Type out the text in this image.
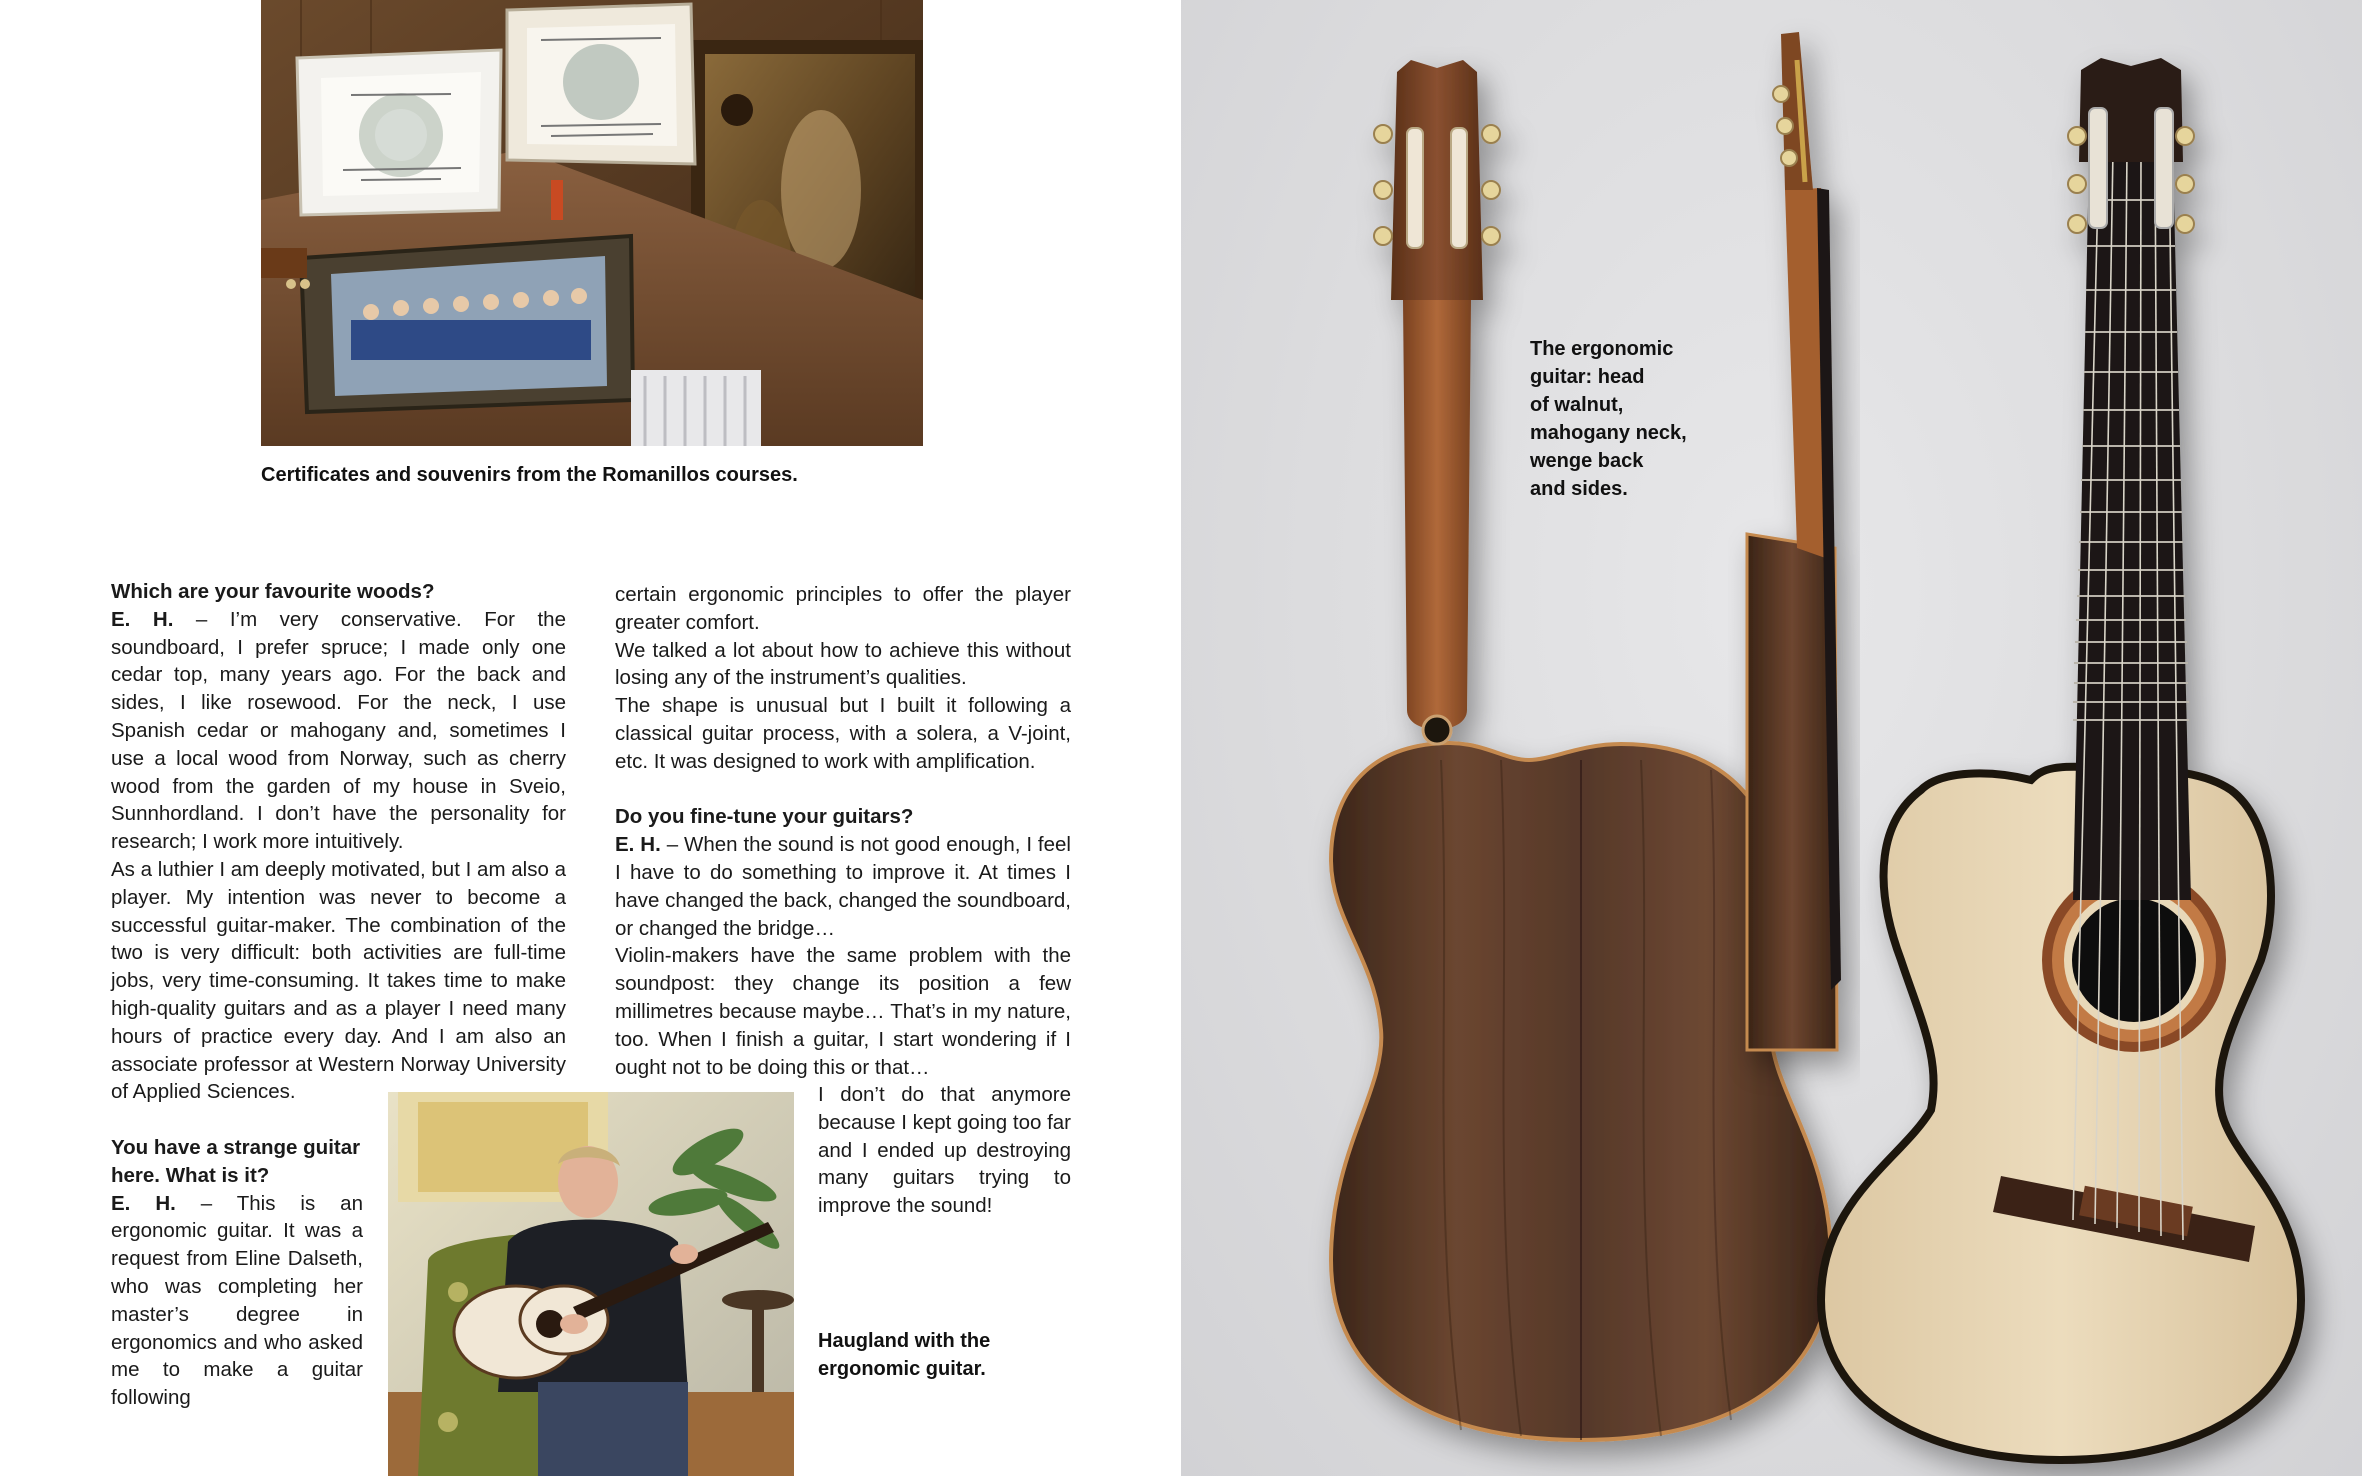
Certificates and souvenirs from the Romanillos courses.

Which are your favourite woods?

E. H. – I’m very conservative. For the soundboard, I prefer spruce; I made only one cedar top, many years ago. For the back and sides, I like rosewood. For the neck, I use Spanish cedar or mahogany and, sometimes I use a local wood from Norway, such as cherry wood from the garden of my house in Sveio, Sunnhordland. I don’t have the personality for research; I work more intuitively.

As a luthier I am deeply motivated, but I am also a player. My intention was never to become a successful guitar-maker. The combination of the two is very difficult: both activities are full-time jobs, very time-consuming. It takes time to make high-quality guitars and as a player I need many hours of practice every day. And I am also an associate professor at Western Norway University of Applied Sciences.

You have a strange guitar here. What is it?

E. H. – This is an ergonomic guitar. It was a request from Eline Dalseth, who was completing her master’s degree in ergonomics and who asked me to make a guitar following

certain ergonomic principles to offer the player greater comfort.

We talked a lot about how to achieve this without losing any of the instrument’s qualities.

The shape is unusual but I built it following a classical guitar process, with a solera, a V-joint, etc. It was designed to work with amplification.

Do you fine-tune your guitars?

E. H. – When the sound is not good enough, I feel I have to do something to improve it. At times I have changed the back, changed the soundboard, or changed the bridge…

Violin-makers have the same problem with the soundpost: they change its position a few millimetres because maybe… That’s in my nature, too. When I finish a guitar, I start wondering if I ought not to be doing this or that…

I don’t do that anymore because I kept going too far and I ended up destroying many guitars trying to improve the sound!

Haugland with the
ergonomic guitar.
The ergonomic
guitar: head
of walnut,
mahogany neck,
wenge back
and sides.
